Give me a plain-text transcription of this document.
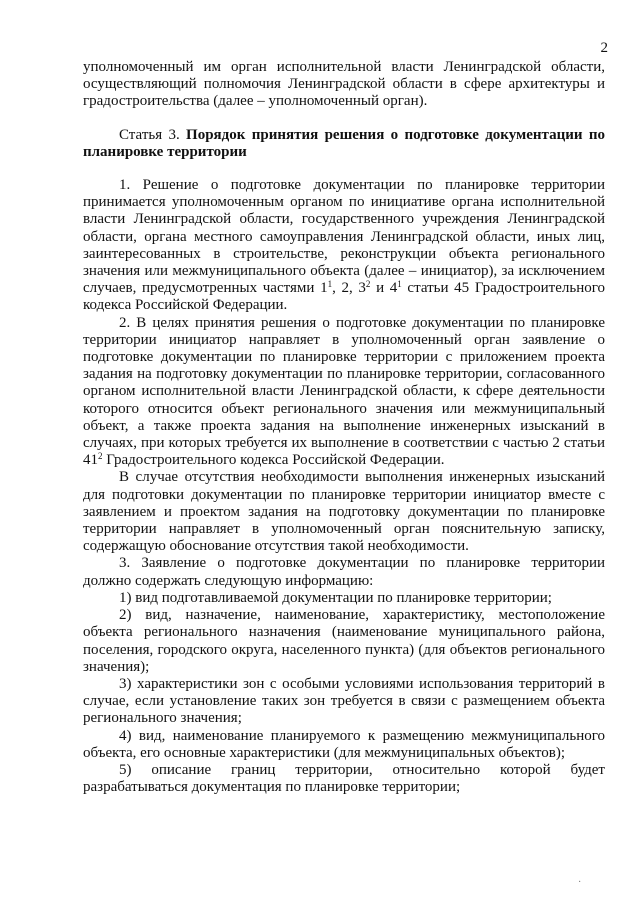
2

уполномоченный им орган исполнительной власти Ленинградской области, осуществляющий полномочия Ленинградской области в сфере архитектуры и градостроительства (далее – уполномоченный орган).

Статья 3. Порядок принятия решения о подготовке документации по планировке территории

1. Решение о подготовке документации по планировке территории принимается уполномоченным органом по инициативе органа исполнительной власти Ленинградской области, государственного учреждения Ленинградской области, органа местного самоуправления Ленинградской области, иных лиц, заинтересованных в строительстве, реконструкции объекта регионального значения или межмуниципального объекта (далее – инициатор), за исключением случаев, предусмотренных частями $1^1$, 2, $3^2$ и $4^1$ статьи 45 Градостроительного кодекса Российской Федерации.

2. В целях принятия решения о подготовке документации по планировке территории инициатор направляет в уполномоченный орган заявление о подготовке документации по планировке территории с приложением проекта задания на подготовку документации по планировке территории, согласованного органом исполнительной власти Ленинградской области, к сфере деятельности которого относится объект регионального значения или межмуниципальный объект, а также проекта задания на выполнение инженерных изысканий в случаях, при которых требуется их выполнение в соответствии с частью 2 статьи $41^2$ Градостроительного кодекса Российской Федерации.

В случае отсутствия необходимости выполнения инженерных изысканий для подготовки документации по планировке территории инициатор вместе с заявлением и проектом задания на подготовку документации по планировке территории направляет в уполномоченный орган пояснительную записку, содержащую обоснование отсутствия такой необходимости.

3. Заявление о подготовке документации по планировке территории должно содержать следующую информацию:

1) вид подготавливаемой документации по планировке территории;

2) вид, назначение, наименование, характеристику, местоположение объекта регионального назначения (наименование муниципального района, поселения, городского округа, населенного пункта) (для объектов регионального значения);

3) характеристики зон с особыми условиями использования территорий в случае, если установление таких зон требуется в связи с размещением объекта регионального значения;

4) вид, наименование планируемого к размещению межмуниципального объекта, его основные характеристики (для межмуниципальных объектов);

5) описание границ территории, относительно которой будет разрабатываться документация по планировке территории;

·
